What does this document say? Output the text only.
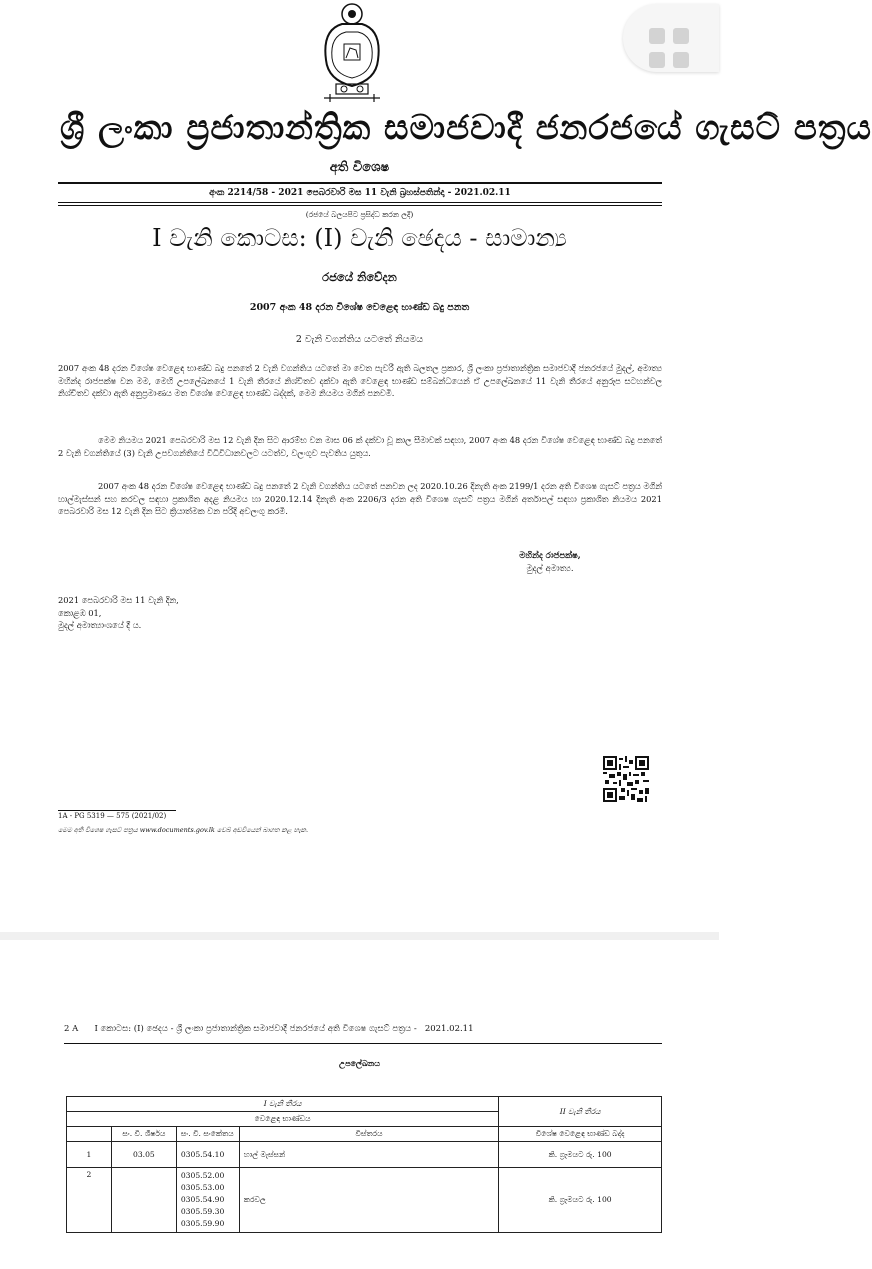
ශ්‍රී ලංකා ප්‍රජාතාන්ත්‍රික සමාජවාදී ජනරජයේ ගැසට් පත්‍රය
අති විශෙෂ
අංක 2214/58 - 2021 පෙබරවාරි මස 11 වැනි බ්‍රහස්පතින්දා - 2021.02.11
(රජයේ බලයපිට ප්‍රසිද්ධ කරන ලදී)
I වැනි කොටස: (I) වැනි ඡෙදය - සාමාන්‍ය
රජයේ නිවේදන
2007 අංක 48 දරන විශේෂ වෙළෙඳ භාණ්ඩ බදු පනත
2 වැනි වගන්තිය යටතේ නියමය
2007 අංක 48 දරන විශේෂ වෙළෙඳ භාණ්ඩ බදු පනතේ 2 වැනි වගන්තිය යටතේ මා වෙත පැවරී ඇති බලතල ප්‍රකාර, ශ්‍රී ලංකා ප්‍රජාතාන්ත්‍රික සමාජවාදී ජනරජයේ මුදල්, අමාත්‍ය මහින්ද රාජපක්ෂ වන මම, මෙහි උපලේඛනයේ 1 වැනි තීරයේ නිශ්චිතව දක්වා ඇති වෙළෙඳ භාණ්ඩ සම්බන්ධයෙන් ඒ උපලේඛනයේ 11 වැනි තීරයේ අනුරූප සටහන්වල නිශ්චිතව දක්වා ඇති අනුප්‍රමාණය මත විශේෂ වෙළෙඳ භාණ්ඩ බද්දක්, මෙම නියමය මගින් පනවමි.
මෙම නියමය 2021 පෙබරවාරි මස 12 වැනි දින සිට ආරම්භ වන මාස 06 ක් දක්වා වූ කාල සීමාවක් සඳහා, 2007 අංක 48 දරන විශේෂ වෙළෙඳ භාණ්ඩ බදු පනතේ 2 වැනි වගන්තියේ (3) වැනි උපවගන්තියේ විධිවිධානවලට යටත්ව, වලංගුව පැවතිය යුතුය.
2007 අංක 48 දරන විශේෂ වෙළෙඳ භාණ්ඩ බදු පනතේ 2 වැනි වගන්තිය යටතේ පනවන ලද 2020.10.26 දිනැති අංක 2199/1 දරන අති විශෙෂ ගැසට් පත්‍රය මගින් හාල්මැස්සන් සහ කරවල සඳහා ප්‍රකාශිත අදළ නියමය හා 2020.12.14 දිනැති අංක 2206/3 දරන අති විශෙෂ ගැසට් පත්‍රය මගින් අර්තාපල් සඳහා ප්‍රකාශිත නියමය 2021 පෙබරවාරි මස 12 වැනි දින සිට ක්‍රියාත්මක වන පරිදි අවලංගු කරමි.
මහින්ද රාජපක්ෂ,
මුදල් අමාත්‍ය.
2021 පෙබරවාරි මස 11 වැනි දින,
කොළඹ 01,
මුදල් අමාත්‍යාංශයේ දී ය.
1A - PG 5319 — 575 (2021/02)
මෙම අති විශෙෂ ගැසට් පත්‍රය www.documents.gov.lk වෙබ් අඩවියෙන් බාගත කළ හැක.
2 A      I කොටස: (I) ඡෙදය - ශ්‍රී ලංකා ප්‍රජාතාන්ත්‍රික සමාජවාදී ජනරජයේ අති විශෙෂ ගැසට් පත්‍රය -   2021.02.11
උපලේඛනය
I වැනි තීරය				II වැනි තීරය
වෙළෙඳ භාණ්ඩය				
	සං. වි. ශීර්ෂය	සං. වි. සංකේතය	විස්තරය	විශේෂ වෙළෙඳ භාණ්ඩ බද්ද
1	03.05	0305.54.10	හාල් මැස්සන්	කි. ග්‍රෑමයට රු. 100
2		0305.52.00
0305.53.00
0305.54.90
0305.59.30
0305.59.90	කරවල	කි. ග්‍රෑමයට රු. 100
